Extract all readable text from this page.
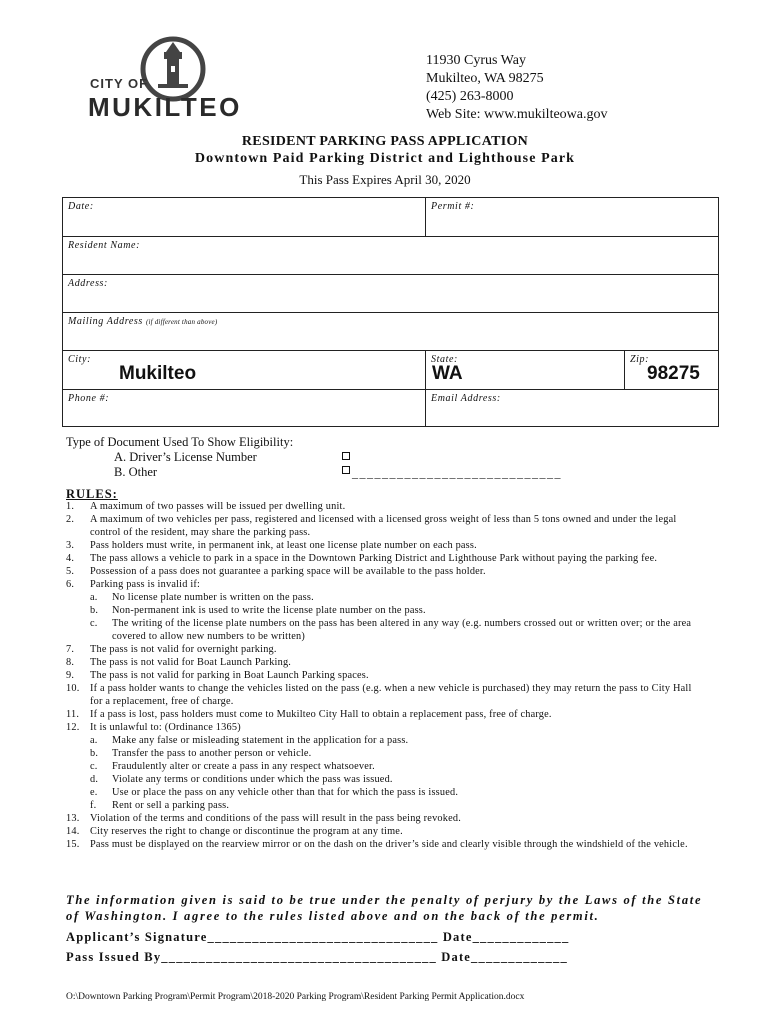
CITY OF
MUKILTEO
11930 Cyrus Way
Mukilteo, WA 98275
(425) 263-8000
Web Site: www.mukilteowa.gov
RESIDENT PARKING PASS APPLICATION
Downtown Paid Parking District and Lighthouse Park
This Pass Expires April 30, 2020
Date:	Permit #:
Resident Name:
Address:
Mailing Address (if different than above)
City:
Mukilteo
State:
WA
Zip:
98275
Phone #:	Email Address:
Type of Document Used To Show Eligibility:
A. Driver’s License Number
B. Other	____________________________
RULES:
1. A maximum of two passes will be issued per dwelling unit.
2. A maximum of two vehicles per pass, registered and licensed with a licensed gross weight of less than 5 tons owned and under the legal control of the resident, may share the parking pass.
3. Pass holders must write, in permanent ink, at least one license plate number on each pass.
4. The pass allows a vehicle to park in a space in the Downtown Parking District and Lighthouse Park without paying the parking fee.
5. Possession of a pass does not guarantee a parking space will be available to the pass holder.
6. Parking pass is invalid if:
a. No license plate number is written on the pass.
b. Non-permanent ink is used to write the license plate number on the pass.
c. The writing of the license plate numbers on the pass has been altered in any way (e.g. numbers crossed out or written over; or the area covered to allow new numbers to be written)
7. The pass is not valid for overnight parking.
8. The pass is not valid for Boat Launch Parking.
9. The pass is not valid for parking in Boat Launch Parking spaces.
10. If a pass holder wants to change the vehicles listed on the pass (e.g. when a new vehicle is purchased) they may return the pass to City Hall for a replacement, free of charge.
11. If a pass is lost, pass holders must come to Mukilteo City Hall to obtain a replacement pass, free of charge.
12. It is unlawful to: (Ordinance 1365)
a. Make any false or misleading statement in the application for a pass.
b. Transfer the pass to another person or vehicle.
c. Fraudulently alter or create a pass in any respect whatsoever.
d. Violate any terms or conditions under which the pass was issued.
e. Use or place the pass on any vehicle other than that for which the pass is issued.
f. Rent or sell a parking pass.
13. Violation of the terms and conditions of the pass will result in the pass being revoked.
14. City reserves the right to change or discontinue the program at any time.
15. Pass must be displayed on the rearview mirror or on the dash on the driver’s side and clearly visible through the windshield of the vehicle.
The information given is said to be true under the penalty of perjury by the Laws of the State of Washington. I agree to the rules listed above and on the back of the permit.
Applicant’s Signature_______________________________ Date_____________
Pass Issued By_____________________________________ Date_____________
O:\Downtown Parking Program\Permit Program\2018-2020 Parking Program\Resident Parking Permit Application.docx
